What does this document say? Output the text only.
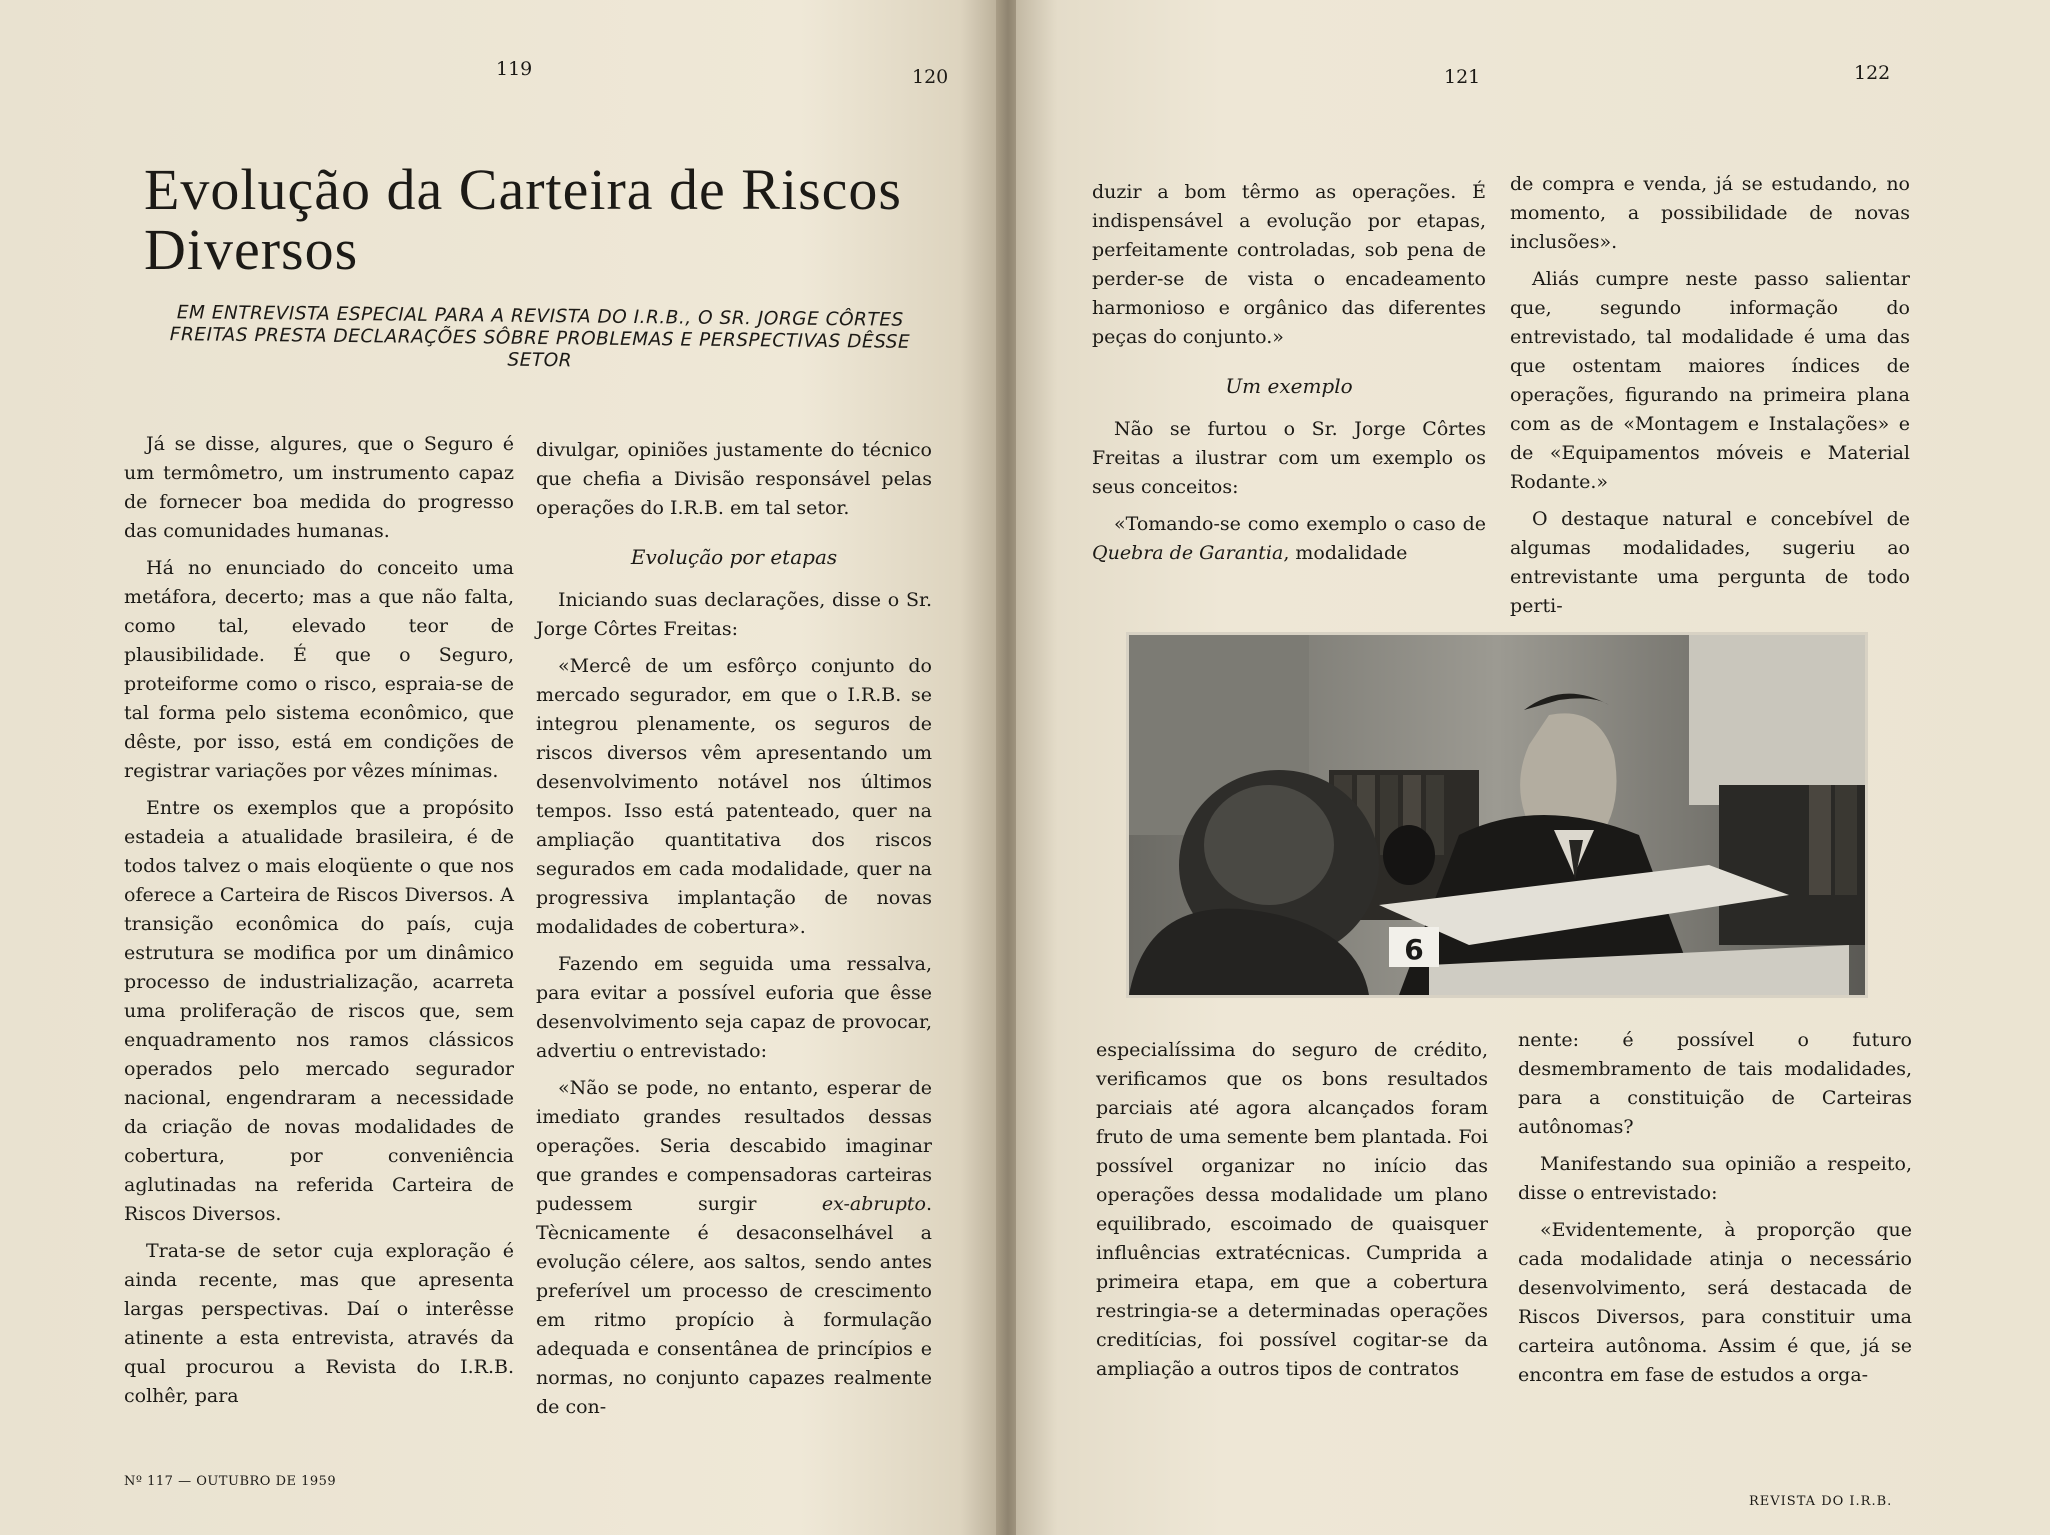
119	120
Evolução da Carteira de Riscos Diversos
EM ENTREVISTA ESPECIAL PARA A REVISTA DO I.R.B., O SR. JORGE CÔRTES FREITAS PRESTA DECLARAÇÕES SÔBRE PROBLEMAS E PERSPECTIVAS DÊSSE SETOR

Já se disse, algures, que o Seguro é um termômetro, um instrumento capaz de fornecer boa medida do progresso das comunidades humanas.

Há no enunciado do conceito uma metáfora, decerto; mas a que não falta, como tal, elevado teor de plausibilidade. É que o Seguro, proteiforme como o risco, espraia-se de tal forma pelo sistema econômico, que dêste, por isso, está em condições de registrar variações por vêzes mínimas.

Entre os exemplos que a propósito estadeia a atualidade brasileira, é de todos talvez o mais eloqüente o que nos oferece a Carteira de Riscos Diversos. A transição econômica do país, cuja estrutura se modifica por um dinâmico processo de industrialização, acarreta uma proliferação de riscos que, sem enquadramento nos ramos clássicos operados pelo mercado segurador nacional, engendraram a necessidade da criação de novas modalidades de cobertura, por conveniência aglutinadas na referida Carteira de Riscos Diversos.

Trata-se de setor cuja exploração é ainda recente, mas que apresenta largas perspectivas. Daí o interêsse atinente a esta entrevista, através da qual procurou a Revista do I.R.B. colhêr, para

divulgar, opiniões justamente do técnico que chefia a Divisão responsável pelas operações do I.R.B. em tal setor.

Evolução por etapas

Iniciando suas declarações, disse o Sr. Jorge Côrtes Freitas:

«Mercê de um esfôrço conjunto do mercado segurador, em que o I.R.B. se integrou plenamente, os seguros de riscos diversos vêm apresentando um desenvolvimento notável nos últimos tempos. Isso está patenteado, quer na ampliação quantitativa dos riscos segurados em cada modalidade, quer na progressiva implantação de novas modalidades de cobertura».

Fazendo em seguida uma ressalva, para evitar a possível euforia que êsse desenvolvimento seja capaz de provocar, advertiu o entrevistado:

«Não se pode, no entanto, esperar de imediato grandes resultados dessas operações. Seria descabido imaginar que grandes e compensadoras carteiras pudessem surgir ex-abrupto. Tècnicamente é desaconselhável a evolução célere, aos saltos, sendo antes preferível um processo de crescimento em ritmo propício à formulação adequada e consentânea de princípios e normas, no conjunto capazes realmente de con-

Nº 117 — OUTUBRO DE 1959
121	122

duzir a bom têrmo as operações. É indispensável a evolução por etapas, perfeitamente controladas, sob pena de perder-se de vista o encadeamento harmonioso e orgânico das diferentes peças do conjunto.»

Um exemplo

Não se furtou o Sr. Jorge Côrtes Freitas a ilustrar com um exemplo os seus conceitos:

«Tomando-se como exemplo o caso de Quebra de Garantia, modalidade

de compra e venda, já se estudando, no momento, a possibilidade de novas inclusões».

Aliás cumpre neste passo salientar que, segundo informação do entrevistado, tal modalidade é uma das que ostentam maiores índices de operações, figurando na primeira plana com as de «Montagem e Instalações» e de «Equipamentos móveis e Material Rodante.»

O destaque natural e concebível de algumas modalidades, sugeriu ao entrevistante uma pergunta de todo perti-

especialíssima do seguro de crédito, verificamos que os bons resultados parciais até agora alcançados foram fruto de uma semente bem plantada. Foi possível organizar no início das operações dessa modalidade um plano equilibrado, escoimado de quaisquer influências extratécnicas. Cumprida a primeira etapa, em que a cobertura restringia-se a determinadas operações creditícias, foi possível cogitar-se da ampliação a outros tipos de contratos

nente: é possível o futuro desmembramento de tais modalidades, para a constituição de Carteiras autônomas?

Manifestando sua opinião a respeito, disse o entrevistado:

«Evidentemente, à proporção que cada modalidade atinja o necessário desenvolvimento, será destacada de Riscos Diversos, para constituir uma carteira autônoma. Assim é que, já se encontra em fase de estudos a orga-

REVISTA DO I.R.B.
6
